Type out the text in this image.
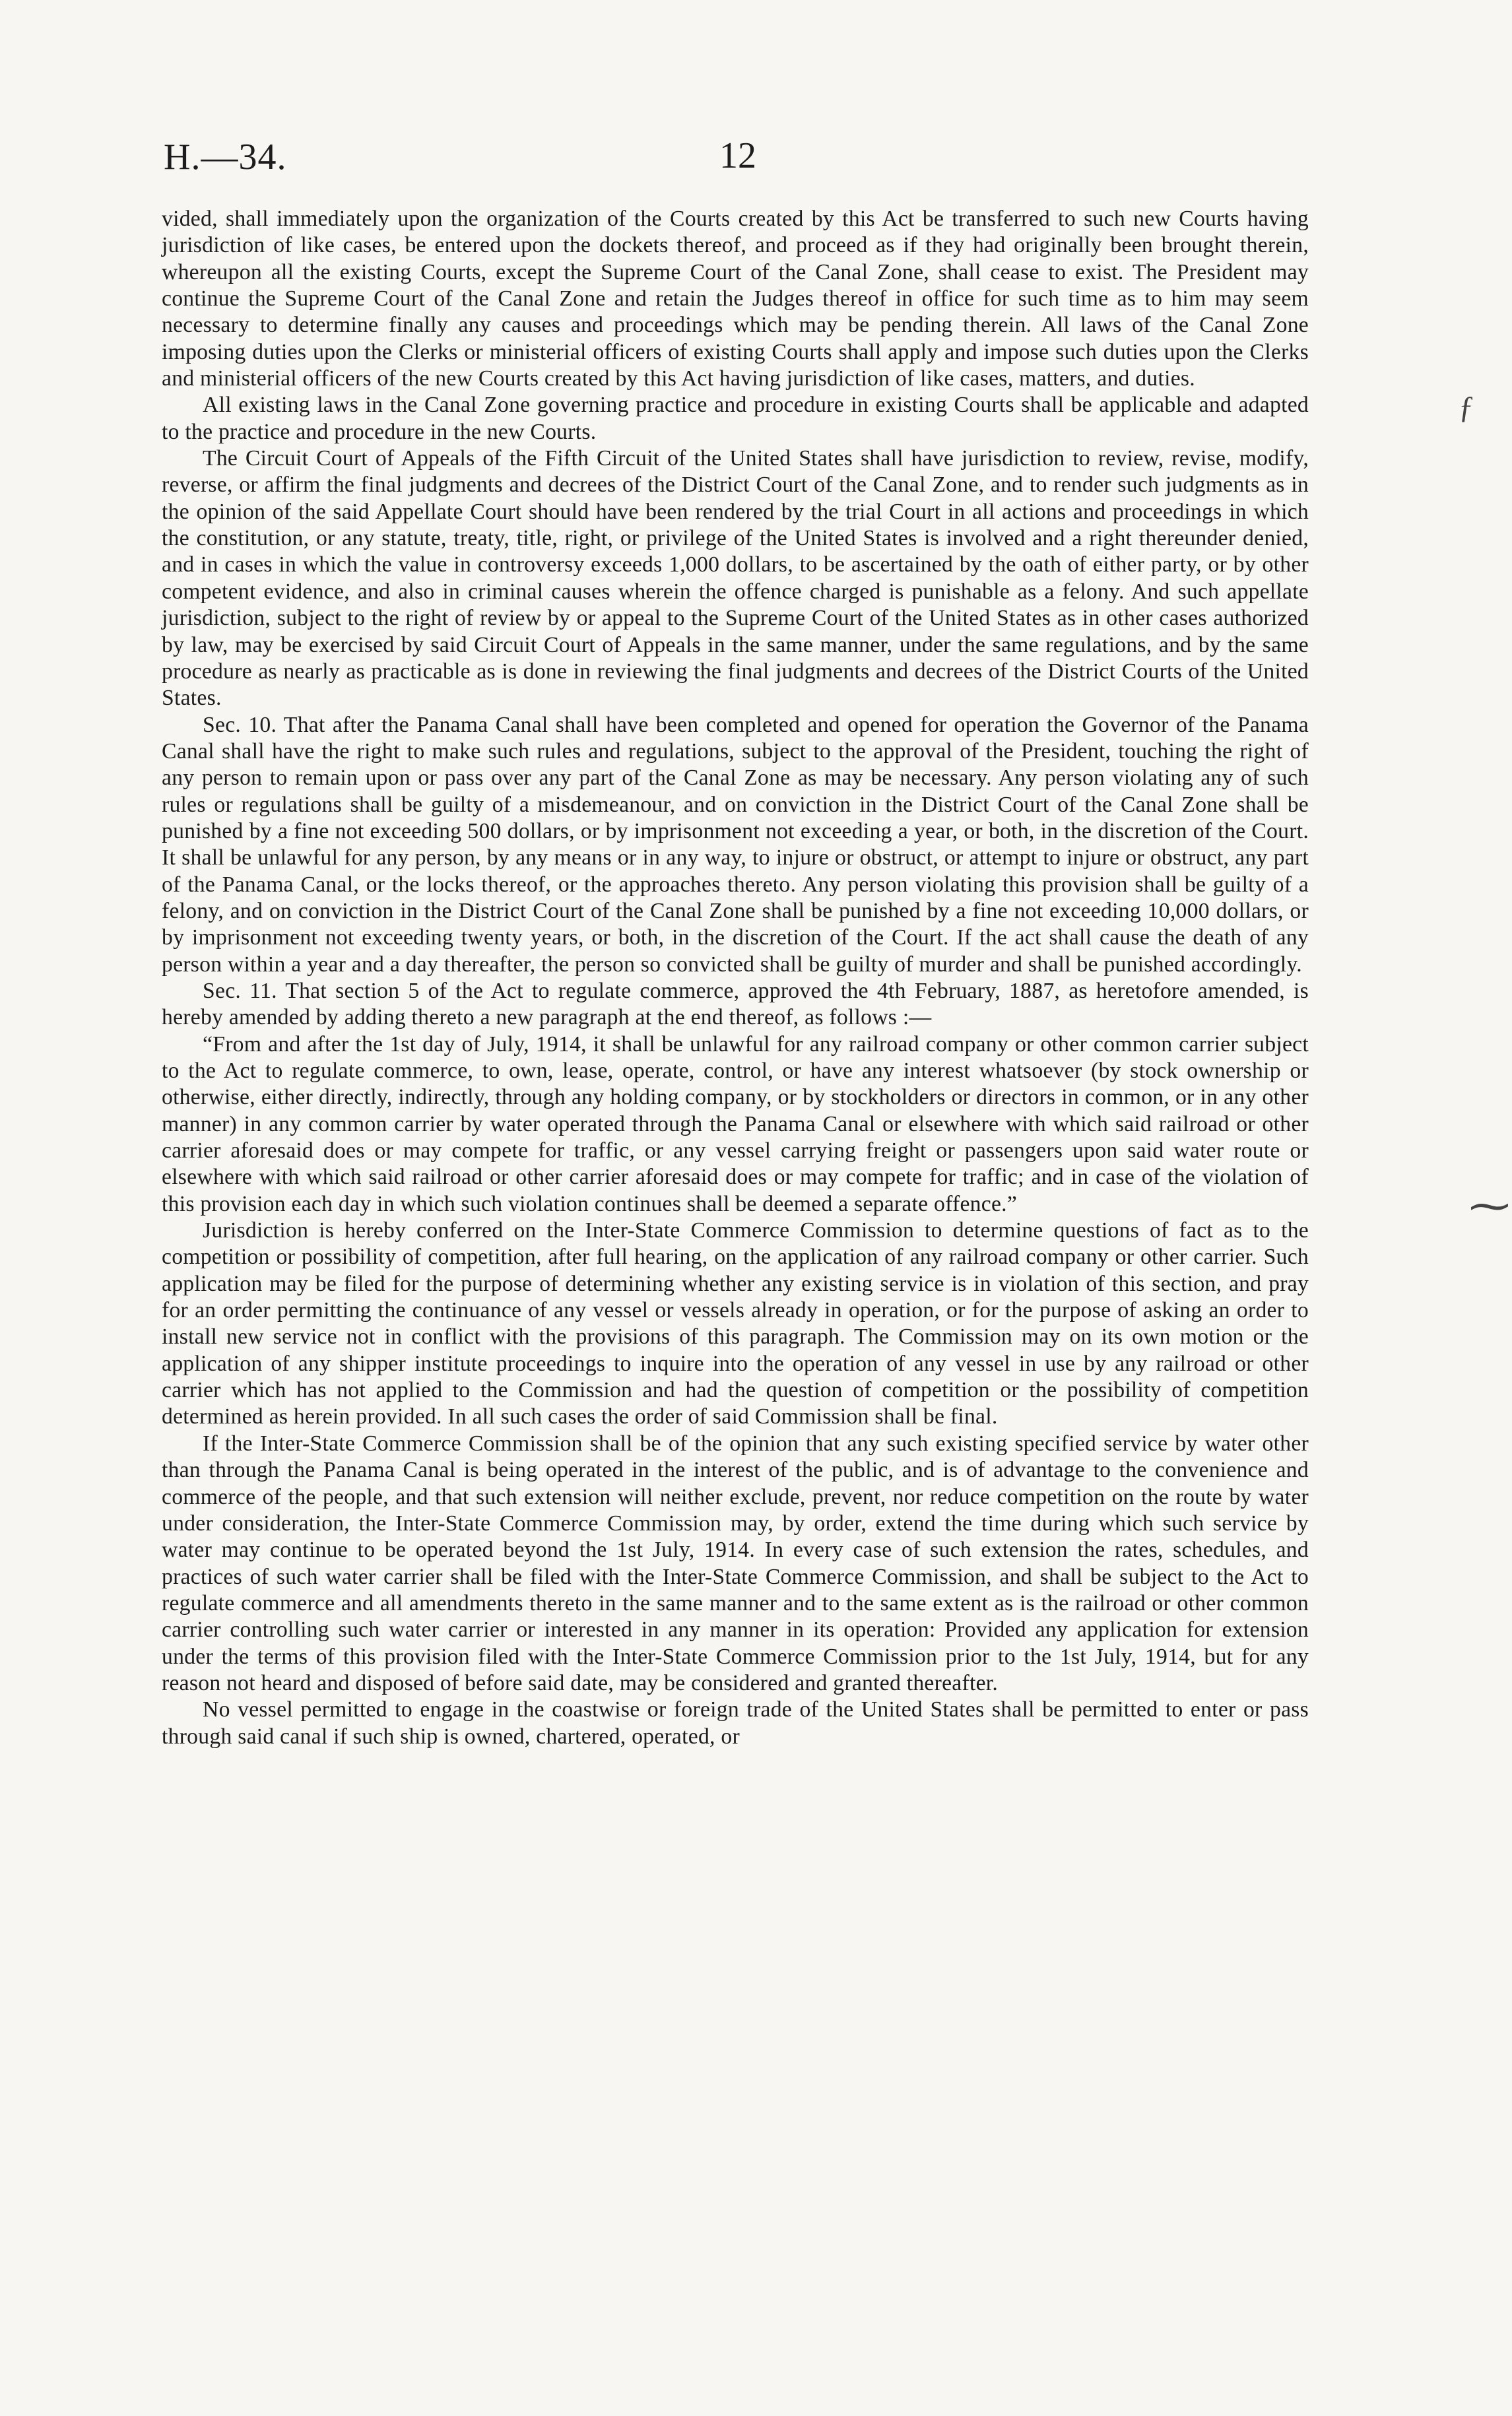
H.—34.	12

vided, shall immediately upon the organization of the Courts created by this Act be transferred to such new Courts having jurisdiction of like cases, be entered upon the dockets thereof, and proceed as if they had originally been brought therein, whereupon all the existing Courts, except the Supreme Court of the Canal Zone, shall cease to exist. The President may continue the Supreme Court of the Canal Zone and retain the Judges thereof in office for such time as to him may seem necessary to determine finally any causes and proceedings which may be pending therein. All laws of the Canal Zone imposing duties upon the Clerks or ministerial officers of existing Courts shall apply and impose such duties upon the Clerks and ministerial officers of the new Courts created by this Act having jurisdiction of like cases, matters, and duties.

All existing laws in the Canal Zone governing practice and procedure in existing Courts shall be applicable and adapted to the practice and procedure in the new Courts.

The Circuit Court of Appeals of the Fifth Circuit of the United States shall have jurisdiction to review, revise, modify, reverse, or affirm the final judgments and decrees of the District Court of the Canal Zone, and to render such judgments as in the opinion of the said Appellate Court should have been rendered by the trial Court in all actions and proceedings in which the constitution, or any statute, treaty, title, right, or privilege of the United States is involved and a right thereunder denied, and in cases in which the value in controversy exceeds 1,000 dollars, to be ascertained by the oath of either party, or by other competent evidence, and also in criminal causes wherein the offence charged is punishable as a felony. And such appellate jurisdiction, subject to the right of review by or appeal to the Supreme Court of the United States as in other cases authorized by law, may be exercised by said Circuit Court of Appeals in the same manner, under the same regulations, and by the same procedure as nearly as practicable as is done in reviewing the final judgments and decrees of the District Courts of the United States.

Sec. 10. That after the Panama Canal shall have been completed and opened for operation the Governor of the Panama Canal shall have the right to make such rules and regulations, subject to the approval of the President, touching the right of any person to remain upon or pass over any part of the Canal Zone as may be necessary. Any person violating any of such rules or regulations shall be guilty of a misdemeanour, and on conviction in the District Court of the Canal Zone shall be punished by a fine not exceeding 500 dollars, or by imprisonment not exceeding a year, or both, in the discretion of the Court. It shall be unlawful for any person, by any means or in any way, to injure or obstruct, or attempt to injure or obstruct, any part of the Panama Canal, or the locks thereof, or the approaches thereto. Any person violating this provision shall be guilty of a felony, and on conviction in the District Court of the Canal Zone shall be punished by a fine not exceeding 10,000 dollars, or by imprisonment not exceeding twenty years, or both, in the discretion of the Court. If the act shall cause the death of any person within a year and a day thereafter, the person so convicted shall be guilty of murder and shall be punished accordingly.

Sec. 11. That section 5 of the Act to regulate commerce, approved the 4th February, 1887, as heretofore amended, is hereby amended by adding thereto a new paragraph at the end thereof, as follows :—

“From and after the 1st day of July, 1914, it shall be unlawful for any railroad company or other common carrier subject to the Act to regulate commerce, to own, lease, operate, control, or have any interest whatsoever (by stock ownership or otherwise, either directly, indirectly, through any holding company, or by stockholders or directors in common, or in any other manner) in any common carrier by water operated through the Panama Canal or elsewhere with which said railroad or other carrier aforesaid does or may compete for traffic, or any vessel carrying freight or passengers upon said water route or elsewhere with which said railroad or other carrier aforesaid does or may compete for traffic; and in case of the violation of this provision each day in which such violation continues shall be deemed a separate offence.”

Jurisdiction is hereby conferred on the Inter-State Commerce Commission to determine questions of fact as to the competition or possibility of competition, after full hearing, on the application of any railroad company or other carrier. Such application may be filed for the purpose of determining whether any existing service is in violation of this section, and pray for an order permitting the continuance of any vessel or vessels already in operation, or for the purpose of asking an order to install new service not in conflict with the provisions of this paragraph. The Commission may on its own motion or the application of any shipper institute proceedings to inquire into the operation of any vessel in use by any railroad or other carrier which has not applied to the Commission and had the question of competition or the possibility of competition determined as herein provided. In all such cases the order of said Commission shall be final.

If the Inter-State Commerce Commission shall be of the opinion that any such existing specified service by water other than through the Panama Canal is being operated in the interest of the public, and is of advantage to the convenience and commerce of the people, and that such extension will neither exclude, prevent, nor reduce competition on the route by water under consideration, the Inter-State Commerce Commission may, by order, extend the time during which such service by water may continue to be operated beyond the 1st July, 1914. In every case of such extension the rates, schedules, and practices of such water carrier shall be filed with the Inter-State Commerce Commission, and shall be subject to the Act to regulate commerce and all amendments thereto in the same manner and to the same extent as is the railroad or other common carrier controlling such water carrier or interested in any manner in its operation: Provided any application for extension under the terms of this provision filed with the Inter-State Commerce Commission prior to the 1st July, 1914, but for any reason not heard and disposed of before said date, may be considered and granted thereafter.

No vessel permitted to engage in the coastwise or foreign trade of the United States shall be permitted to enter or pass through said canal if such ship is owned, chartered, operated, or

ƒ
⁓
